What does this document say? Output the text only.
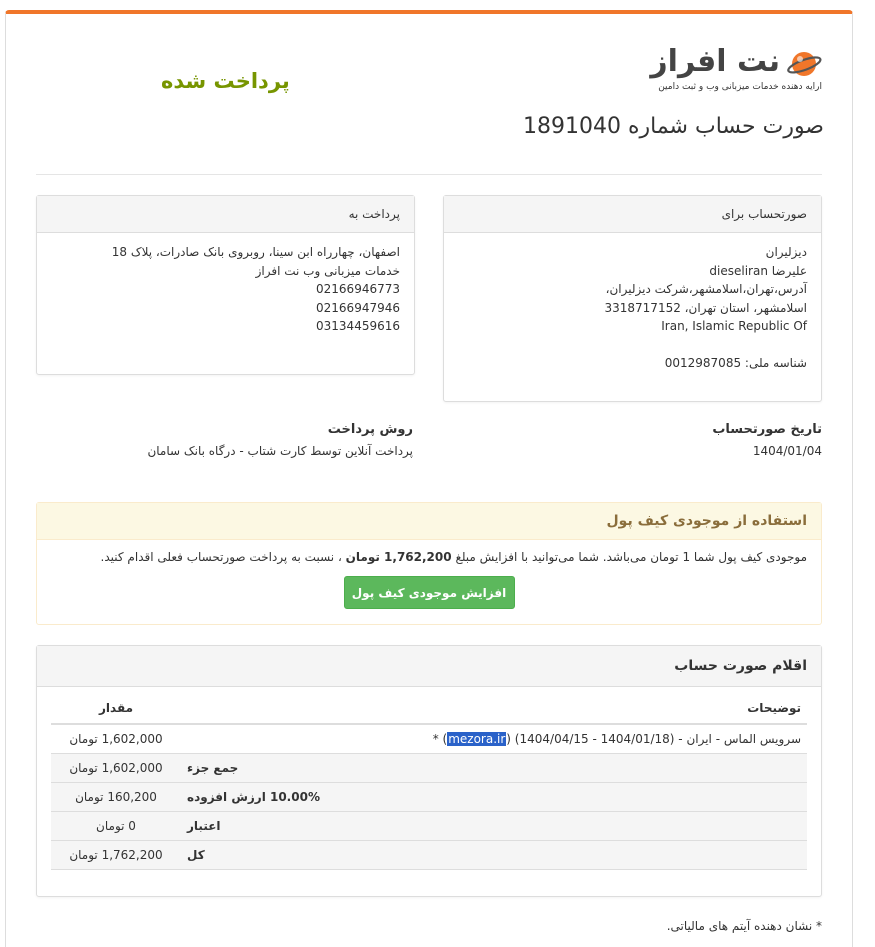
نت افراز
ارایه دهنده خدمات میزبانی وب و ثبت دامین
پرداخت شده
صورت حساب شماره 1891040
صورتحساب برای
دیزلیران
علیرضا dieseliran
آدرس،تهران،اسلامشهر،شرکت دیزلیران،
اسلامشهر، استان تهران، 3318717152
Iran, Islamic Republic Of
شناسه ملی: 0012987085
پرداخت به
اصفهان، چهارراه ابن سینا، روبروی بانک صادرات، پلاک 18
خدمات میزبانی وب نت افراز
02166946773
02166947946
03134459616
تاریخ صورتحساب
1404/01/04
روش پرداخت
پرداخت آنلاین توسط کارت شتاب - درگاه بانک سامان
استفاده از موجودی کیف پول
موجودی کیف پول شما 1 تومان می‌باشد. شما می‌توانید با افزایش مبلغ 1,762,200 تومان ، نسبت به پرداخت صورتحساب فعلی اقدام کنید.
افزایش موجودی کیف پول
اقلام صورت حساب
توضیحات	مقدار
سرویس الماس - ایران - (1404/01/18 - 1404/04/15) (mezora.ir) *	1,602,000 تومان
جمع جزء	1,602,000 تومان
10.00% ارزش افزوده	160,200 تومان
اعتبار	0 تومان
کل	1,762,200 تومان
* نشان دهنده آیتم های مالیاتی.
